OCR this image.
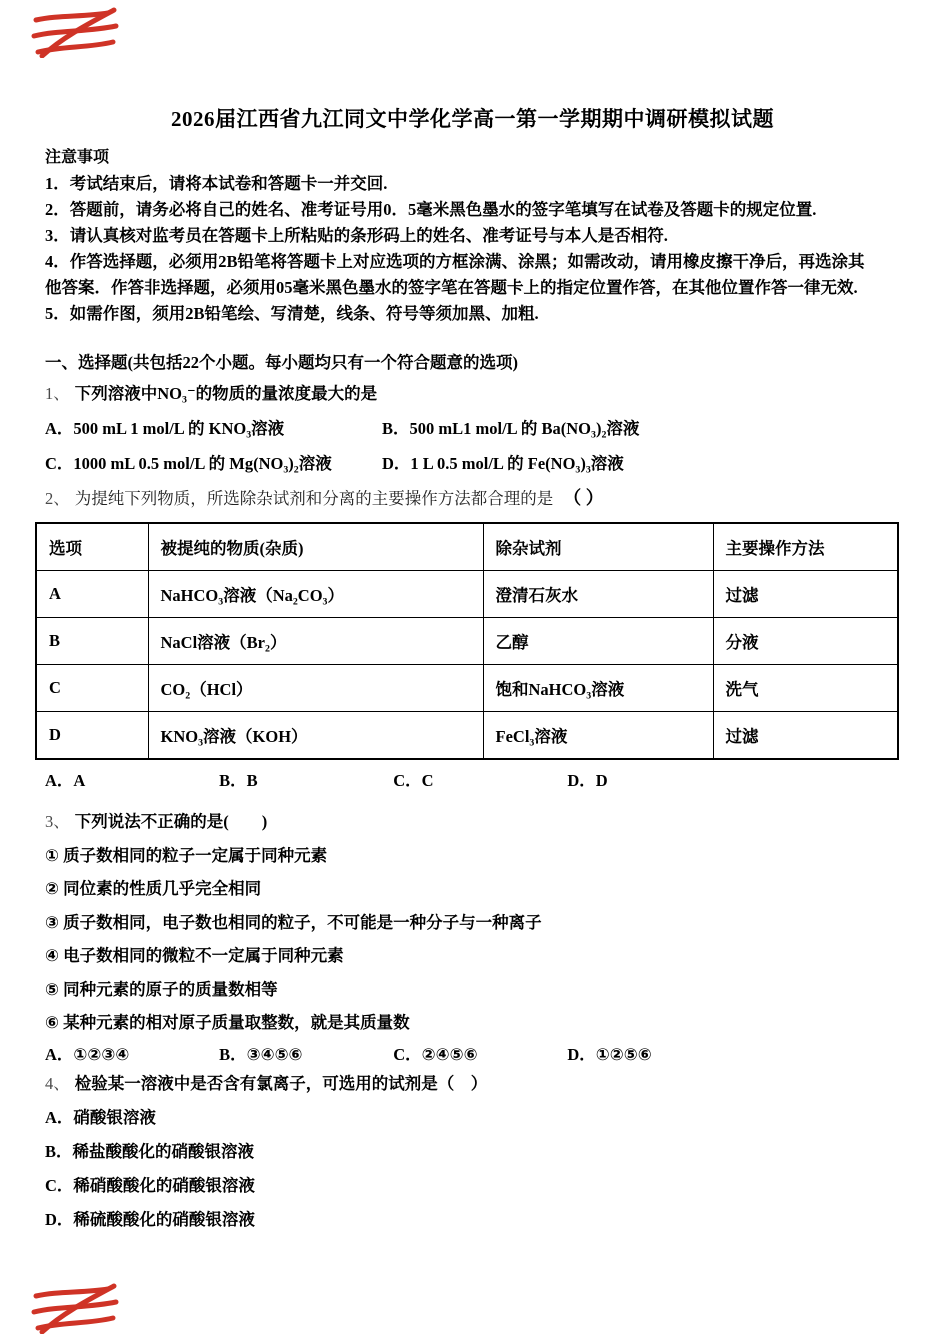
2026届江西省九江同文中学化学高一第一学期期中调研模拟试题
注意事项

1．考试结束后，请将本试卷和答题卡一并交回.

2．答题前，请务必将自己的姓名、准考证号用0．5毫米黑色墨水的签字笔填写在试卷及答题卡的规定位置.

3．请认真核对监考员在答题卡上所粘贴的条形码上的姓名、准考证号与本人是否相符.

4．作答选择题，必须用2B铅笔将答题卡上对应选项的方框涂满、涂黑；如需改动，请用橡皮擦干净后，再选涂其他答案．作答非选择题，必须用05毫米黑色墨水的签字笔在答题卡上的指定位置作答，在其他位置作答一律无效.

5．如需作图，须用2B铅笔绘、写清楚，线条、符号等须加黑、加粗.

一、选择题(共包括22个小题。每小题均只有一个符合题意的选项)
1、 下列溶液中NO₃⁻的物质的量浓度最大的是
A．500 mL 1 mol/L 的 KNO₃溶液	B．500 mL1 mol/L 的 Ba(NO₃)₂溶液
C．1000 mL 0.5 mol/L 的 Mg(NO₃)₂溶液	D．1 L 0.5 mol/L 的 Fe(NO₃)₃溶液
2、 为提纯下列物质，所选除杂试剂和分离的主要操作方法都合理的是 （ ）
选项	被提纯的物质(杂质)	除杂试剂	主要操作方法
A	NaHCO₃溶液（Na₂CO₃）	澄清石灰水	过滤
B	NaCl溶液（Br₂）	乙醇	分液
C	CO₂（HCl）	饱和NaHCO₃溶液	洗气
D	KNO₃溶液（KOH）	FeCl₃溶液	过滤
A．A	B．B	C．C	D．D
3、 下列说法不正确的是(　　)

① 质子数相同的粒子一定属于同种元素

② 同位素的性质几乎完全相同

③ 质子数相同，电子数也相同的粒子，不可能是一种分子与一种离子

④ 电子数相同的微粒不一定属于同种元素

⑤ 同种元素的原子的质量数相等

⑥ 某种元素的相对原子质量取整数，就是其质量数

A．①②③④	B．③④⑤⑥	C．②④⑤⑥	D．①②⑤⑥
4、 检验某一溶液中是否含有氯离子，可选用的试剂是（　）

A．硝酸银溶液

B．稀盐酸酸化的硝酸银溶液

C．稀硝酸酸化的硝酸银溶液

D．稀硫酸酸化的硝酸银溶液
